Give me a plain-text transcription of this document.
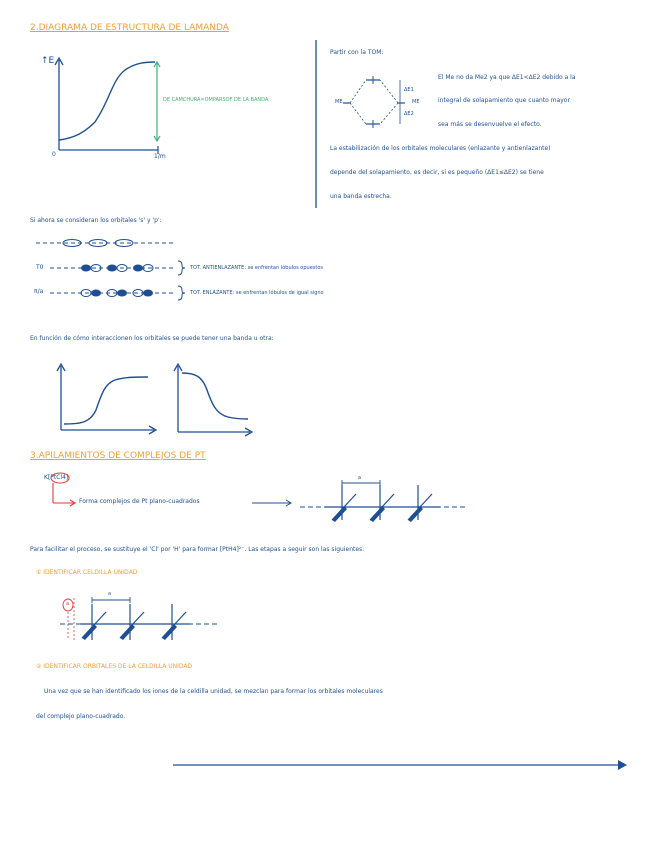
2.DIAGRAMA DE ESTRUCTURA DE LAMANDA
↑E
0	1/m
DE CAMCHURA=OMPARSOF DE LA BANDA
Partir con la TOM:
ME	ME
ΔE1
ΔE2
El Me no da Me2 ya que ΔE1<ΔE2 debido a la
integral de solapamiento que cuanto mayor
sea más se desenvuelve el efecto.
La estabilización de los orbitales moleculares (enlazante y antienlazante)
depende del solapamiento, es decir, si es pequeño (ΔE1≤ΔE2) se tiene
una banda estrecha.
Si ahora se consideran los orbitales 's' y 'p':
T0
π/a
TOT. ANTIENLAZANTE: se enfrentan lóbulos opuestos
TOT. ENLAZANTE: se enfrentan lóbulos de igual signo
En función de cómo interaccionen los orbitales se puede tener una banda u otra:
3.APILAMIENTOS DE COMPLEJOS DE PT
K[PtCl4]
Forma complejos de Pt plano-cuadrados
a
Para facilitar el proceso, se sustituye el 'Cl' por 'H' para formar [PtH4]²⁻. Las etapas a seguir son las siguientes:
① IDENTIFICAR CELDILLA UNIDAD
a
a
② IDENTIFICAR ORBITALES DE LA CELDILLA UNIDAD
Una vez que se han identificado los iones de la celdilla unidad, se mezclan para formar los orbitales moleculares
del complejo plano-cuadrado.
